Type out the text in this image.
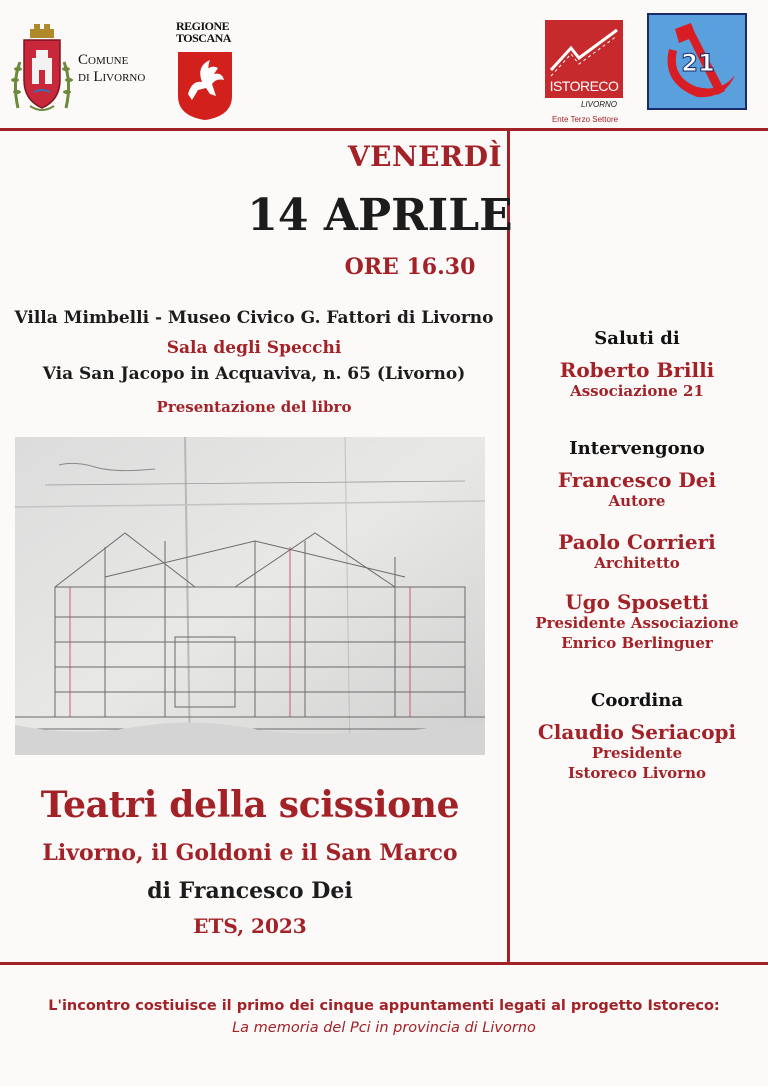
Comune
di Livorno
REGIONE
TOSCANA
ISTORECO
LIVORNO
Ente Terzo Settore
21
VENERDÌ
14 APRILE
ORE 16.30
Villa Mimbelli - Museo Civico G. Fattori di Livorno
Sala degli Specchi
Via San Jacopo in Acquaviva, n. 65 (Livorno)
Presentazione del libro
Teatri della scissione
Livorno, il Goldoni e il San Marco
di Francesco Dei
ETS, 2023
Saluti di
Roberto Brilli
Associazione 21
Intervengono
Francesco Dei
Autore
Paolo Corrieri
Architetto
Ugo Sposetti
Presidente Associazione
Enrico Berlinguer
Coordina
Claudio Seriacopi
Presidente
Istoreco Livorno
L'incontro costiuisce il primo dei cinque appuntamenti legati al progetto Istoreco:
La memoria del Pci in provincia di Livorno
